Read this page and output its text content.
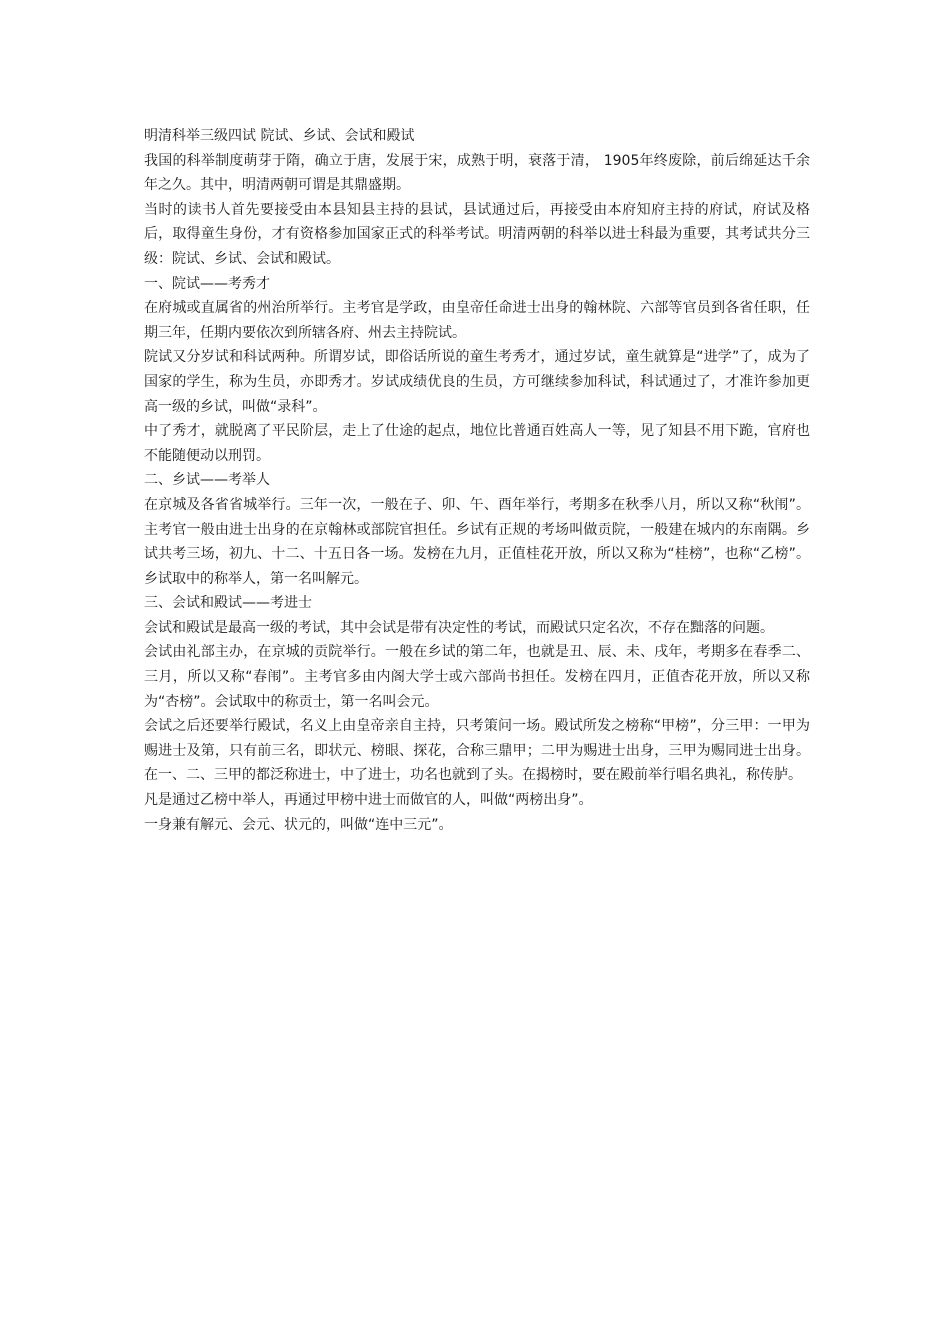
明清科举三级四试 院试、乡试、会试和殿试

我国的科举制度萌芽于隋，确立于唐，发展于宋，成熟于明，衰落于清， 1905年终废除，前后绵延达千余年之久。其中，明清两朝可谓是其鼎盛期。

当时的读书人首先要接受由本县知县主持的县试，县试通过后，再接受由本府知府主持的府试，府试及格后，取得童生身份，才有资格参加国家正式的科举考试。明清两朝的科举以进士科最为重要，其考试共分三级：院试、乡试、会试和殿试。

一、院试——考秀才

在府城或直属省的州治所举行。主考官是学政，由皇帝任命进士出身的翰林院、六部等官员到各省任职，任期三年，任期内要依次到所辖各府、州去主持院试。

院试又分岁试和科试两种。所谓岁试，即俗话所说的童生考秀才，通过岁试，童生就算是“进学”了，成为了国家的学生，称为生员，亦即秀才。岁试成绩优良的生员，方可继续参加科试，科试通过了，才准许参加更高一级的乡试，叫做“录科”。

中了秀才，就脱离了平民阶层，走上了仕途的起点，地位比普通百姓高人一等，见了知县不用下跪，官府也不能随便动以刑罚。

二、乡试——考举人

在京城及各省省城举行。三年一次，一般在子、卯、午、酉年举行，考期多在秋季八月，所以又称“秋闱”。主考官一般由进士出身的在京翰林或部院官担任。乡试有正规的考场叫做贡院，一般建在城内的东南隅。乡试共考三场，初九、十二、十五日各一场。发榜在九月，正值桂花开放，所以又称为“桂榜”，也称“乙榜”。乡试取中的称举人，第一名叫解元。

三、会试和殿试——考进士

会试和殿试是最高一级的考试，其中会试是带有决定性的考试，而殿试只定名次，不存在黜落的问题。

会试由礼部主办，在京城的贡院举行。一般在乡试的第二年，也就是丑、辰、未、戌年，考期多在春季二、三月，所以又称“春闱”。主考官多由内阁大学士或六部尚书担任。发榜在四月，正值杏花开放，所以又称为“杏榜”。会试取中的称贡士，第一名叫会元。

会试之后还要举行殿试，名义上由皇帝亲自主持，只考策问一场。殿试所发之榜称“甲榜”，分三甲：一甲为赐进士及第，只有前三名，即状元、榜眼、探花，合称三鼎甲；二甲为赐进士出身，三甲为赐同进士出身。在一、二、三甲的都泛称进士，中了进士，功名也就到了头。在揭榜时，要在殿前举行唱名典礼，称传胪。

凡是通过乙榜中举人，再通过甲榜中进士而做官的人，叫做“两榜出身”。

一身兼有解元、会元、状元的，叫做“连中三元”。
